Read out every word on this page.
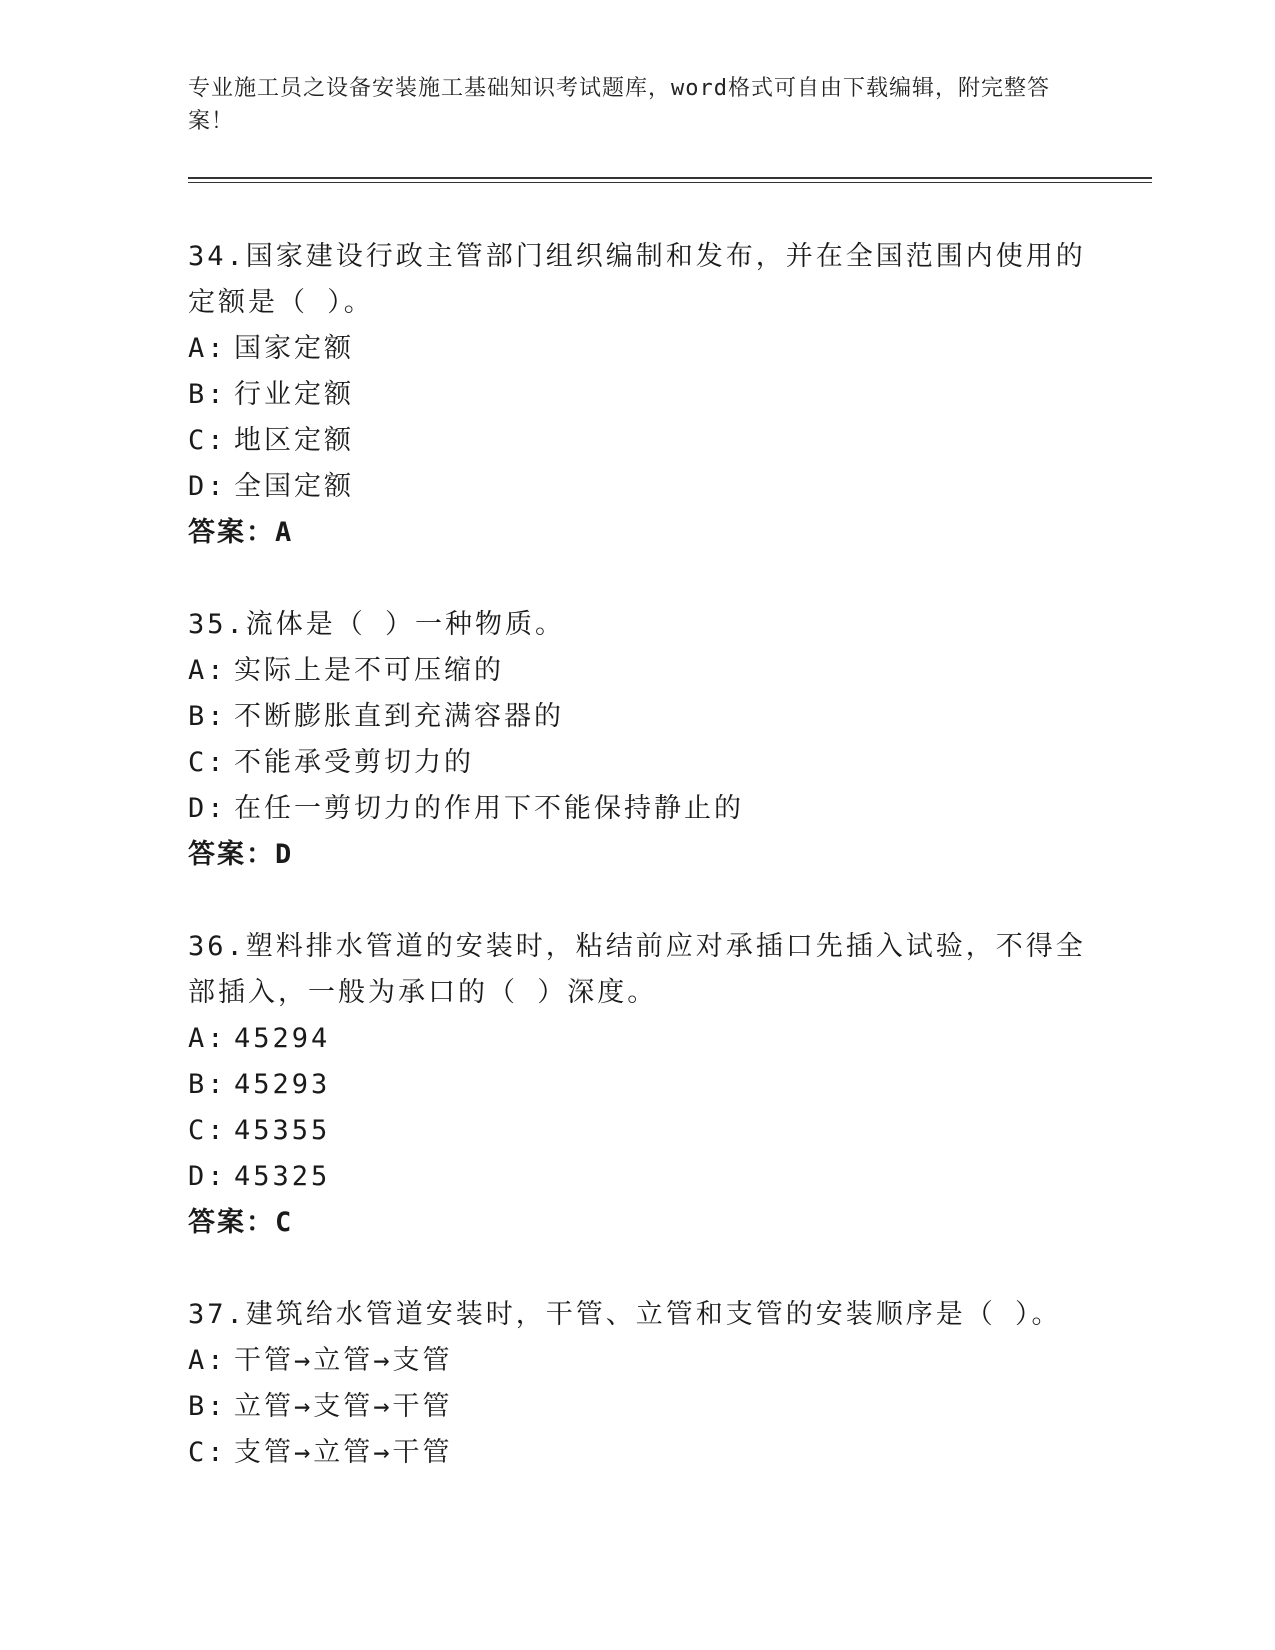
专业施工员之设备安装施工基础知识考试题库，word格式可自由下载编辑，附完整答案！

34.国家建设行政主管部门组织编制和发布，并在全国范围内使用的定额是（ ）。

A: 国家定额

B: 行业定额

C: 地区定额

D: 全国定额

答案：A

35.流体是（ ）一种物质。

A: 实际上是不可压缩的

B: 不断膨胀直到充满容器的

C: 不能承受剪切力的

D: 在任一剪切力的作用下不能保持静止的

答案：D

36.塑料排水管道的安装时，粘结前应对承插口先插入试验，不得全部插入，一般为承口的（ ）深度。

A: 45294

B: 45293

C: 45355

D: 45325

答案：C

37.建筑给水管道安装时，干管、立管和支管的安装顺序是（ ）。

A: 干管→立管→支管

B: 立管→支管→干管

C: 支管→立管→干管
